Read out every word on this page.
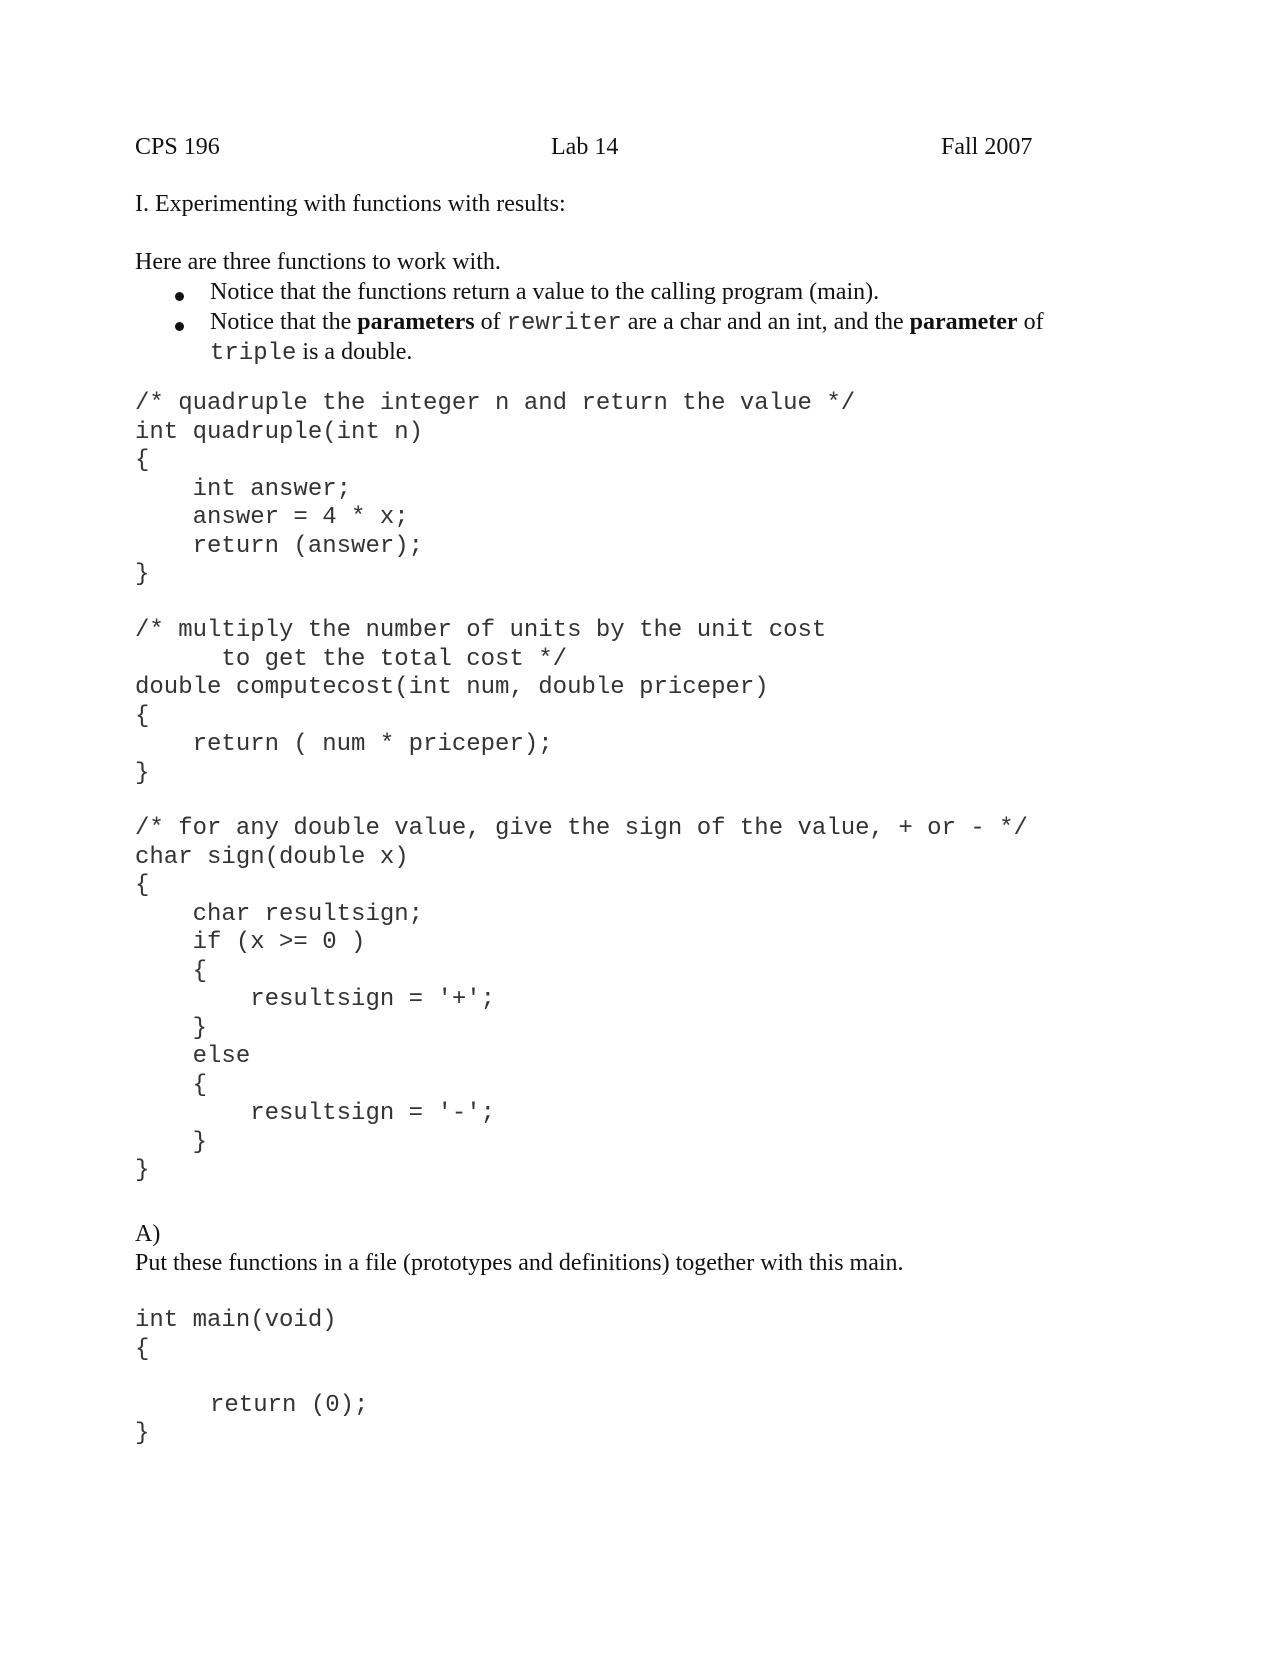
CPS 196	Lab 14	Fall 2007
I. Experimenting with functions with results:
Here are three functions to work with.
Notice that the functions return a value to the calling program (main).
Notice that the parameters of rewriter are a char and an int, and the parameter of
triple is a double.
/* quadruple the integer n and return the value */
int quadruple(int n)
{
int answer;
answer = 4 * x;
return (answer);
}
/* multiply the number of units by the unit cost
to get the total cost */
double computecost(int num, double priceper)
{
return ( num * priceper);
}
/* for any double value, give the sign of the value, + or - */
char sign(double x)
{
char resultsign;
if (x >= 0 )
{
resultsign = '+';
}
else
{
resultsign = '-';
}
}
A)
Put these functions in a file (prototypes and definitions) together with this main.
int main(void)
{
return (0);
}
